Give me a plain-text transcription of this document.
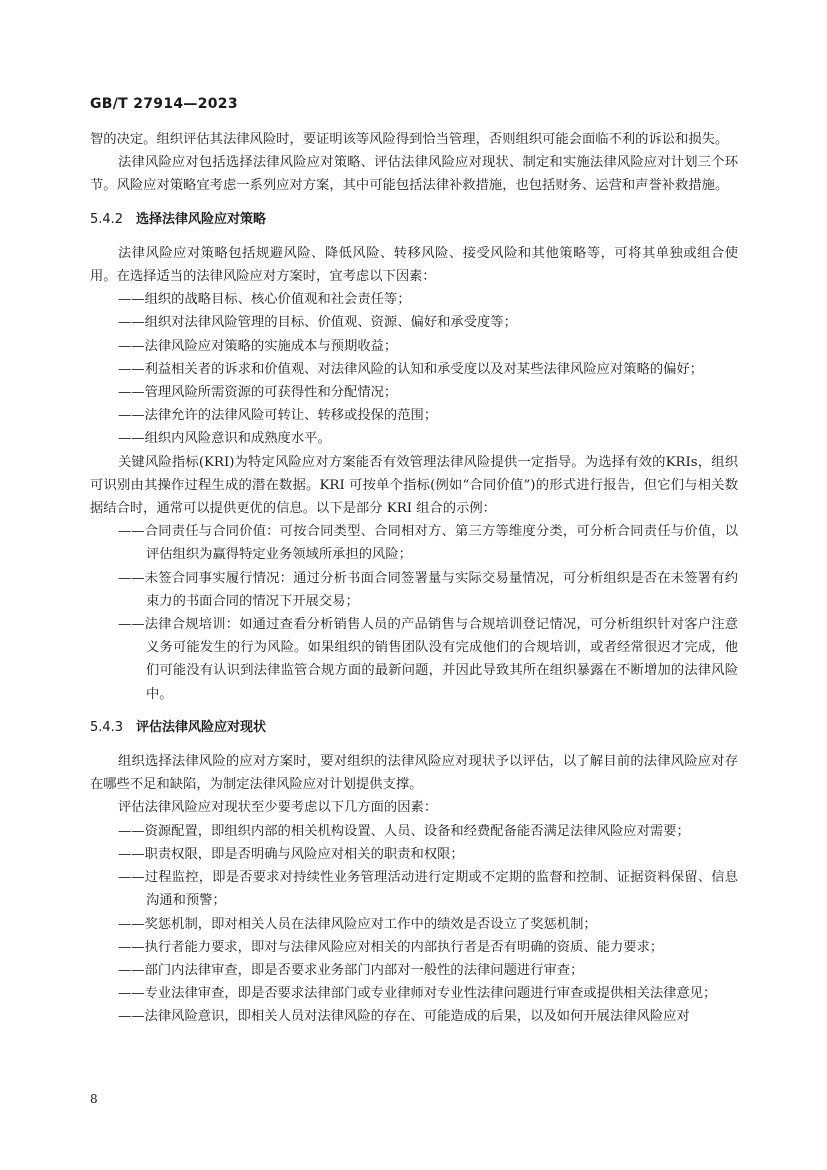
GB/T 27914—2023
智的决定。组织评估其法律风险时，要证明该等风险得到恰当管理，否则组织可能会面临不利的诉讼和损失。
法律风险应对包括选择法律风险应对策略、评估法律风险应对现状、制定和实施法律风险应对计划三个环节。风险应对策略宜考虑一系列应对方案，其中可能包括法律补救措施，也包括财务、运营和声誉补救措施。
5.4.2 选择法律风险应对策略
法律风险应对策略包括规避风险、降低风险、转移风险、接受风险和其他策略等，可将其单独或组合使用。在选择适当的法律风险应对方案时，宜考虑以下因素：
——组织的战略目标、核心价值观和社会责任等；
——组织对法律风险管理的目标、价值观、资源、偏好和承受度等；
——法律风险应对策略的实施成本与预期收益；
——利益相关者的诉求和价值观、对法律风险的认知和承受度以及对某些法律风险应对策略的偏好；
——管理风险所需资源的可获得性和分配情况；
——法律允许的法律风险可转让、转移或投保的范围；
——组织内风险意识和成熟度水平。
关键风险指标(KRI)为特定风险应对方案能否有效管理法律风险提供一定指导。为选择有效的KRIs，组织可识别由其操作过程生成的潜在数据。KRI 可按单个指标(例如“合同价值”)的形式进行报告，但它们与相关数据结合时，通常可以提供更优的信息。以下是部分 KRI 组合的示例：
——合同责任与合同价值：可按合同类型、合同相对方、第三方等维度分类，可分析合同责任与价值，以评估组织为赢得特定业务领域所承担的风险；
——未签合同事实履行情况：通过分析书面合同签署量与实际交易量情况，可分析组织是否在未签署有约束力的书面合同的情况下开展交易；
——法律合规培训：如通过查看分析销售人员的产品销售与合规培训登记情况，可分析组织针对客户注意义务可能发生的行为风险。如果组织的销售团队没有完成他们的合规培训，或者经常很迟才完成，他们可能没有认识到法律监管合规方面的最新问题，并因此导致其所在组织暴露在不断增加的法律风险中。
5.4.3 评估法律风险应对现状
组织选择法律风险的应对方案时，要对组织的法律风险应对现状予以评估，以了解目前的法律风险应对存在哪些不足和缺陷，为制定法律风险应对计划提供支撑。
评估法律风险应对现状至少要考虑以下几方面的因素：
——资源配置，即组织内部的相关机构设置、人员、设备和经费配备能否满足法律风险应对需要；
——职责权限，即是否明确与风险应对相关的职责和权限；
——过程监控，即是否要求对持续性业务管理活动进行定期或不定期的监督和控制、证据资料保留、信息沟通和预警；
——奖惩机制，即对相关人员在法律风险应对工作中的绩效是否设立了奖惩机制；
——执行者能力要求，即对与法律风险应对相关的内部执行者是否有明确的资质、能力要求；
——部门内法律审查，即是否要求业务部门内部对一般性的法律问题进行审查；
——专业法律审查，即是否要求法律部门或专业律师对专业性法律问题进行审查或提供相关法律意见；
——法律风险意识，即相关人员对法律风险的存在、可能造成的后果，以及如何开展法律风险应对
8
